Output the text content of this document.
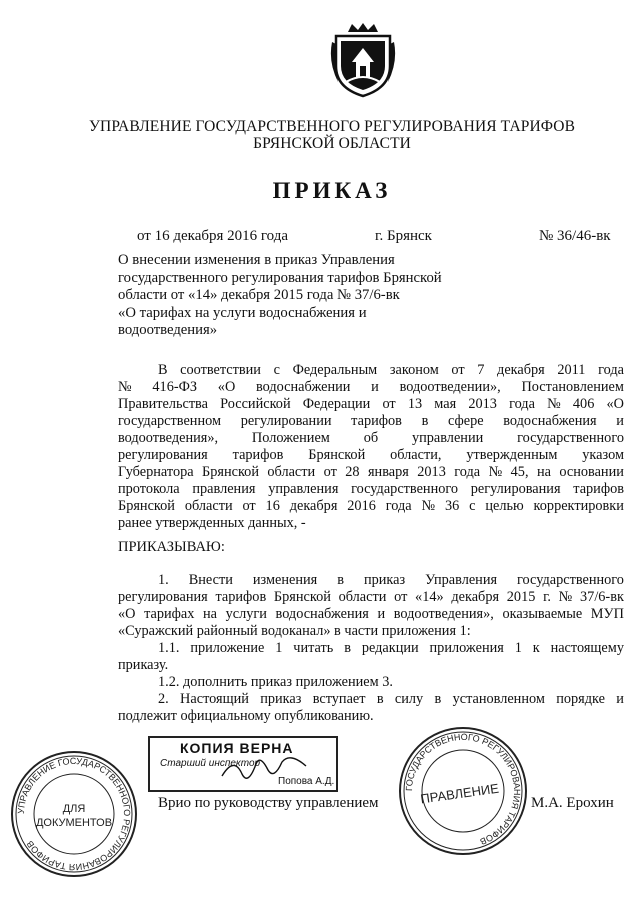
УПРАВЛЕНИЕ ГОСУДАРСТВЕННОГО РЕГУЛИРОВАНИЯ ТАРИФОВ
БРЯНСКОЙ ОБЛАСТИ
ПРИКАЗ
от 16 декабря 2016 года	г. Брянск	№ 36/46-вк
О внесении изменения в приказ Управления
государственного регулирования тарифов Брянской
области от «14» декабря 2015 года № 37/6-вк
«О тарифах на услуги водоснабжения и
водоотведения»
В соответствии с Федеральным законом от 7 декабря 2011 года
№ 416-ФЗ «О водоснабжении и водоотведении», Постановлением
Правительства Российской Федерации от 13 мая 2013 года № 406 «О
государственном регулировании тарифов в сфере водоснабжения и
водоотведения», Положением об управлении государственного
регулирования тарифов Брянской области, утвержденным указом
Губернатора Брянской области от 28 января 2013 года № 45, на основании
протокола правления управления государственного регулирования тарифов
Брянской области от 16 декабря 2016 года № 36 с целью корректировки
ранее утвержденных данных, -
ПРИКАЗЫВАЮ:
1. Внести изменения в приказ Управления государственного
регулирования тарифов Брянской области от «14» декабря 2015 г. № 37/6-вк
«О тарифах на услуги водоснабжения и водоотведения», оказываемые МУП
«Суражский районный водоканал» в части приложения 1:
1.1. приложение 1 читать в редакции приложения 1 к настоящему
приказу.
1.2. дополнить приказ приложением 3.
2. Настоящий приказ вступает в силу в установленном порядке и
подлежит официальному опубликованию.
КОПИЯ ВЕРНА
Старший инспектор
Попова А.Д.
Врио по руководству управлением	М.А. Ерохин
УПРАВЛЕНИЕ ГОСУДАРСТВЕННОГО РЕГУЛИРОВАНИЯ ТАРИФОВ
ДЛЯ
ДОКУМЕНТОВ
ГОСУДАРСТВЕННОГО РЕГУЛИРОВАНИЯ ТАРИФОВ
ПРАВЛЕНИЕ
